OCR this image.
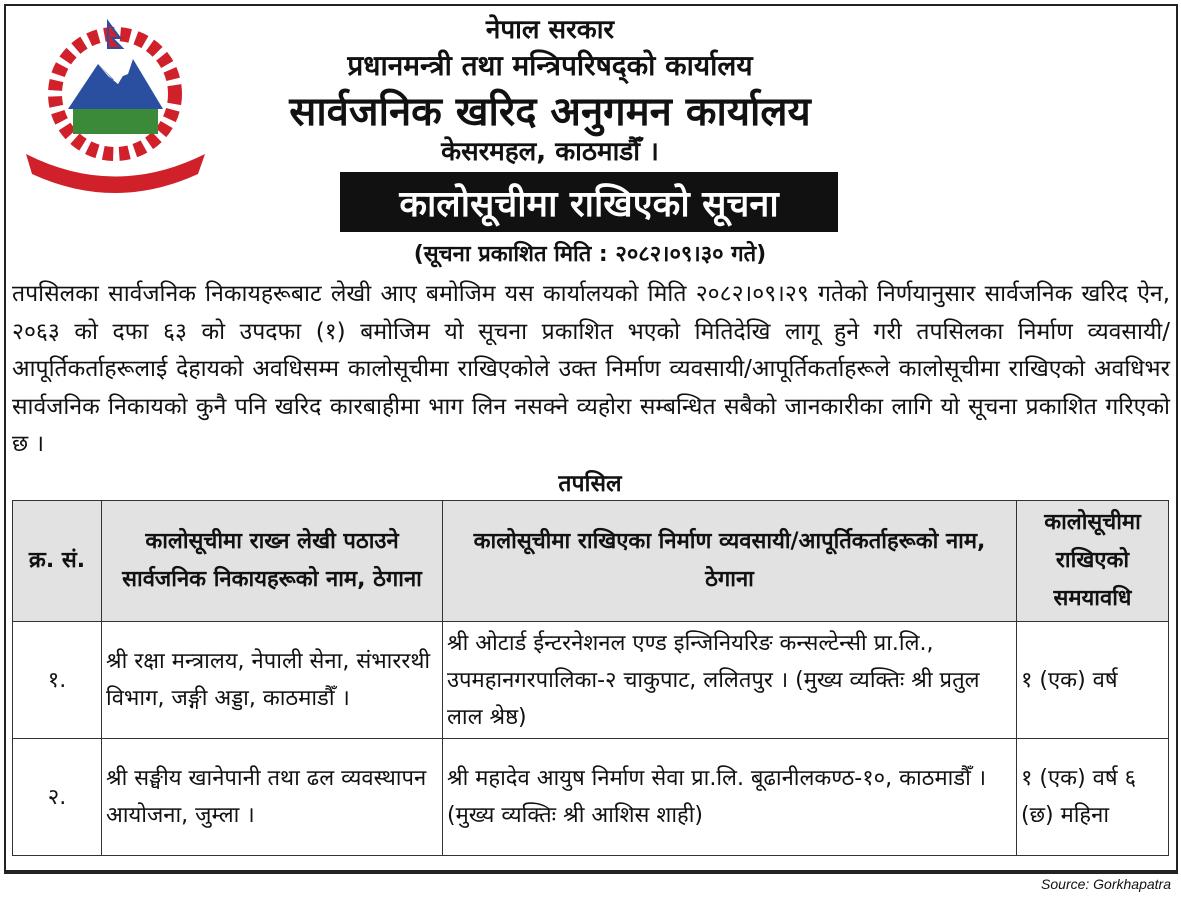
नेपाल सरकार
प्रधानमन्त्री तथा मन्त्रिपरिषद्को कार्यालय
सार्वजनिक खरिद अनुगमन कार्यालय
केसरमहल, काठमाडौँ ।
कालोसूचीमा राखिएको सूचना
(सूचना प्रकाशित मिति : २०८२।०९।३० गते)
तपसिलका सार्वजनिक निकायहरूबाट लेखी आए बमोजिम यस कार्यालयको मिति २०८२।०९।२९ गतेको निर्णयानुसार सार्वजनिक खरिद ऐन, २०६३ को दफा ६३ को उपदफा (१) बमोजिम यो सूचना प्रकाशित भएको मितिदेखि लागू हुने गरी तपसिलका निर्माण व्यवसायी/आपूर्तिकर्ताहरूलाई देहायको अवधिसम्म कालोसूचीमा राखिएकोले उक्त निर्माण व्यवसायी/आपूर्तिकर्ताहरूले कालोसूचीमा राखिएको अवधिभर सार्वजनिक निकायको कुनै पनि खरिद कारबाहीमा भाग लिन नसक्ने व्यहोरा सम्बन्धित सबैको जानकारीका लागि यो सूचना प्रकाशित गरिएको छ ।
तपसिल
क्र. सं.	कालोसूचीमा राख्न लेखी पठाउने सार्वजनिक निकायहरूको नाम, ठेगाना	कालोसूचीमा राखिएका निर्माण व्यवसायी/आपूर्तिकर्ताहरूको नाम, ठेगाना	कालोसूचीमा राखिएको समयावधि
१.	श्री रक्षा मन्त्रालय, नेपाली सेना, संभाररथी विभाग, जङ्गी अड्डा, काठमाडौँ ।	श्री ओटार्ड ईन्टरनेशनल एण्ड इन्जिनियरिङ कन्सल्टेन्सी प्रा.लि., उपमहानगरपालिका-२ चाकुपाट, ललितपुर । (मुख्य व्यक्तिः श्री प्रतुल लाल श्रेष्ठ)	१ (एक) वर्ष
२.	श्री सङ्घीय खानेपानी तथा ढल व्यवस्थापन आयोजना, जुम्ला ।	श्री महादेव आयुष निर्माण सेवा प्रा.लि. बूढानीलकण्ठ-१०, काठमाडौँ । (मुख्य व्यक्तिः श्री आशिस शाही)	१ (एक) वर्ष ६ (छ) महिना
Source: Gorkhapatra
